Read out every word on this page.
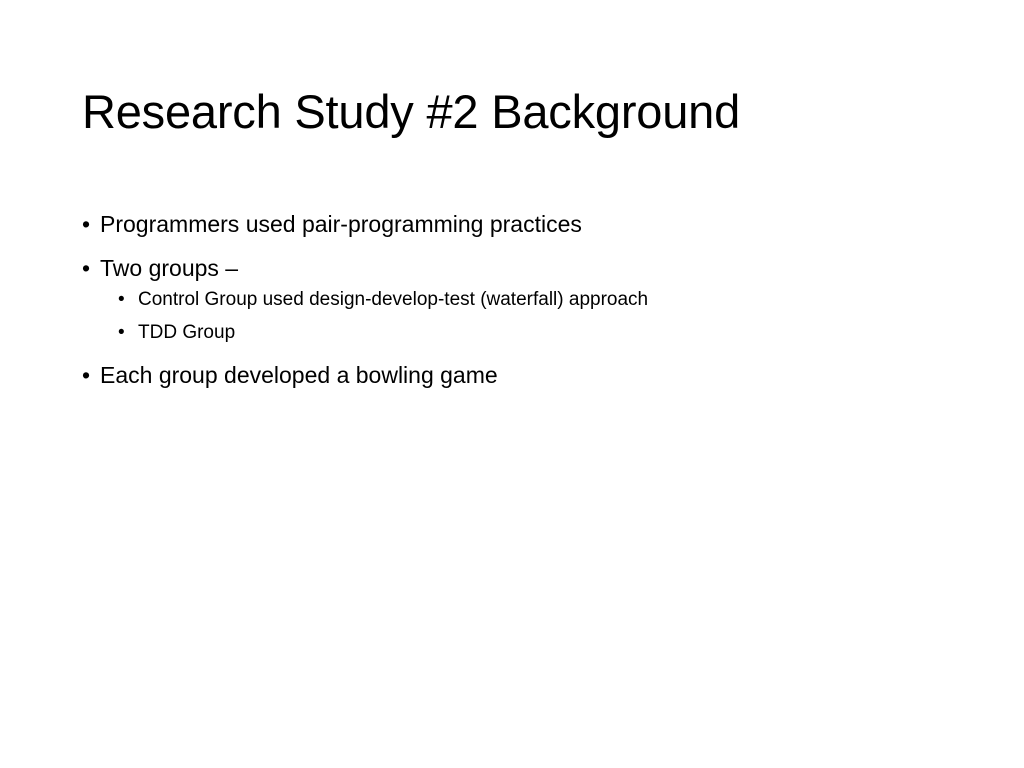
Research Study #2 Background
• Programmers used pair-programming practices
• Two groups –
• Control Group used design-develop-test (waterfall) approach
• TDD Group
• Each group developed a bowling game
